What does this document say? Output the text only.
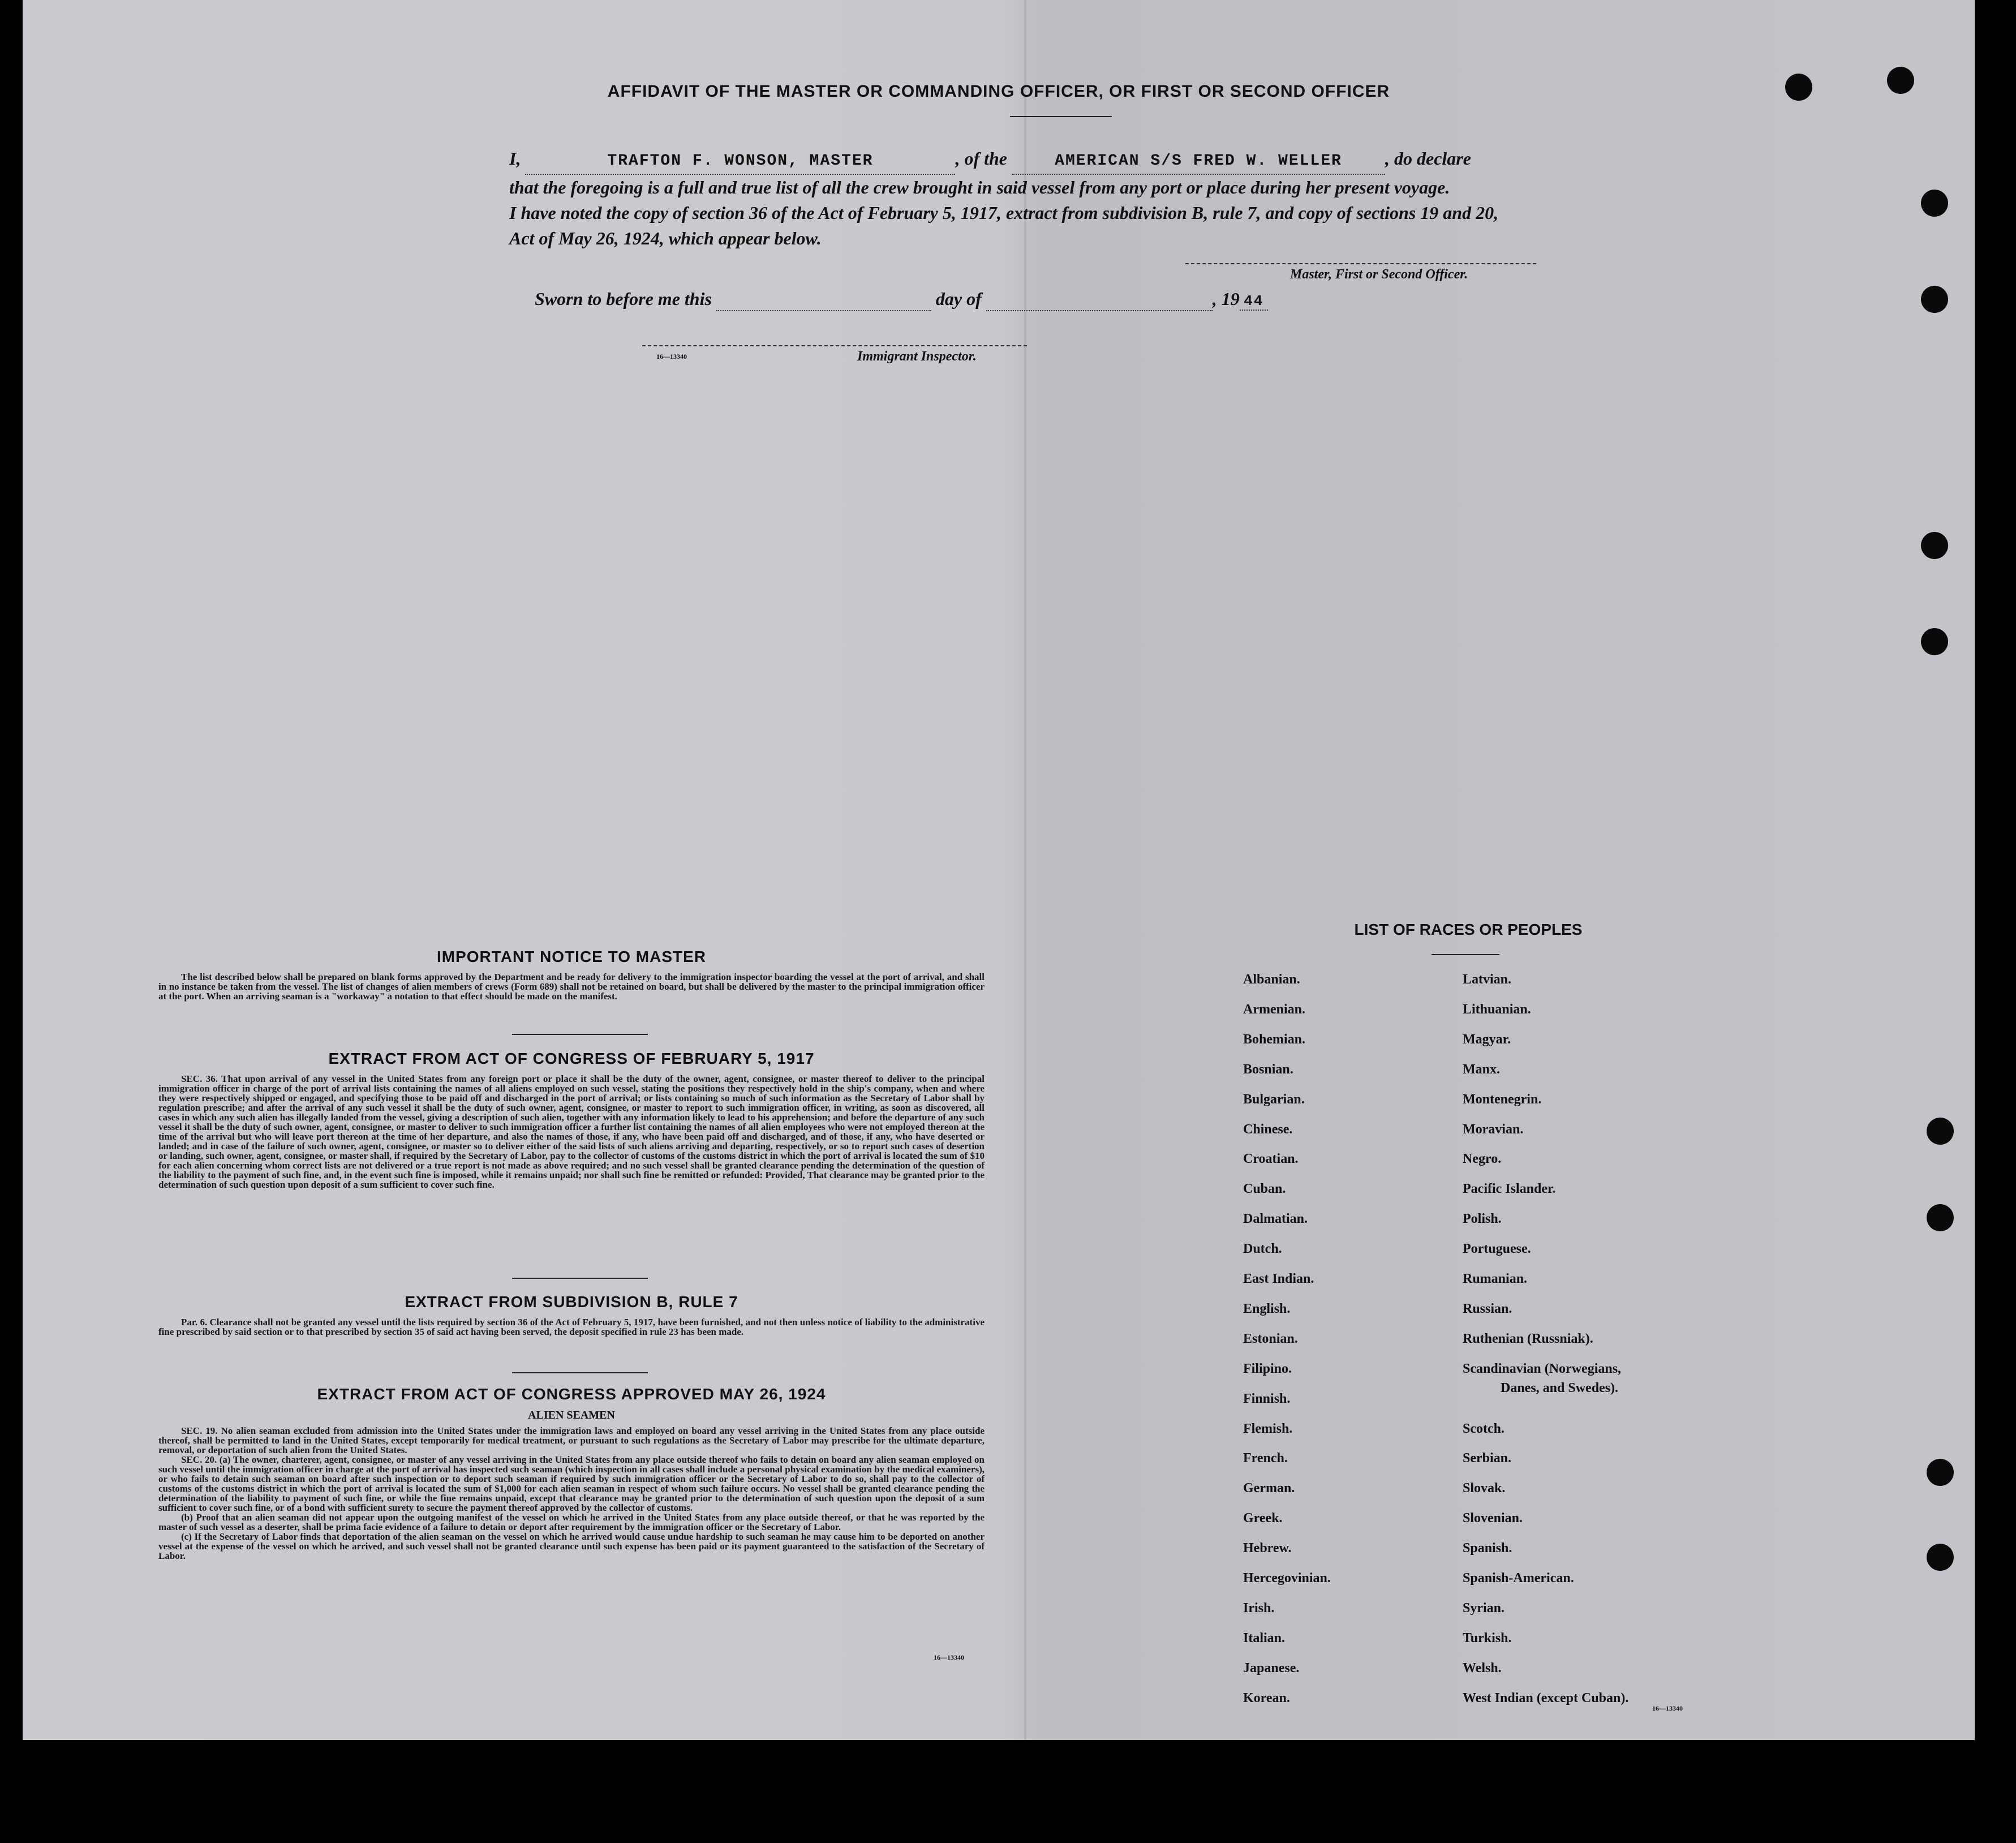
AFFIDAVIT OF THE MASTER OR COMMANDING OFFICER, OR FIRST OR SECOND OFFICER
I,	TRAFTON F. WONSON, MASTER	, of the	AMERICAN S/S FRED W. WELLER , do declare
that the foregoing is a full and true list of all the crew brought in said vessel from any port or place during her present voyage.
I have noted the copy of section 36 of the Act of February 5, 1917, extract from subdivision B, rule 7, and copy of sections 19 and 20,
Act of May 26, 1924, which appear below.
Master, First or Second Officer.
Sworn to before me this	day of	, 19 44
16—13340	Immigrant Inspector.
IMPORTANT NOTICE TO MASTER
The list described below shall be prepared on blank forms approved by the Department and be ready for delivery to the immigration inspector boarding the vessel at the port of arrival, and shall in no instance be taken from the vessel. The list of changes of alien members of crews (Form 689) shall not be retained on board, but shall be delivered by the master to the principal immigration officer at the port. When an arriving seaman is a "workaway" a notation to that effect should be made on the manifest.
EXTRACT FROM ACT OF CONGRESS OF FEBRUARY 5, 1917
SEC. 36. That upon arrival of any vessel in the United States from any foreign port or place it shall be the duty of the owner, agent, consignee, or master thereof to deliver to the principal immigration officer in charge of the port of arrival lists containing the names of all aliens employed on such vessel, stating the positions they respectively hold in the ship's company, when and where they were respectively shipped or engaged, and specifying those to be paid off and discharged in the port of arrival; or lists containing so much of such information as the Secretary of Labor shall by regulation prescribe; and after the arrival of any such vessel it shall be the duty of such owner, agent, consignee, or master to report to such immigration officer, in writing, as soon as discovered, all cases in which any such alien has illegally landed from the vessel, giving a description of such alien, together with any information likely to lead to his apprehension; and before the departure of any such vessel it shall be the duty of such owner, agent, consignee, or master to deliver to such immigration officer a further list containing the names of all alien employees who were not employed thereon at the time of the arrival but who will leave port thereon at the time of her departure, and also the names of those, if any, who have been paid off and discharged, and of those, if any, who have deserted or landed; and in case of the failure of such owner, agent, consignee, or master so to deliver either of the said lists of such aliens arriving and departing, respectively, or so to report such cases of desertion or landing, such owner, agent, consignee, or master shall, if required by the Secretary of Labor, pay to the collector of customs of the customs district in which the port of arrival is located the sum of $10 for each alien concerning whom correct lists are not delivered or a true report is not made as above required; and no such vessel shall be granted clearance pending the determination of the question of the liability to the payment of such fine, and, in the event such fine is imposed, while it remains unpaid; nor shall such fine be remitted or refunded: Provided, That clearance may be granted prior to the determination of such question upon deposit of a sum sufficient to cover such fine.
EXTRACT FROM SUBDIVISION B, RULE 7
Par. 6. Clearance shall not be granted any vessel until the lists required by section 36 of the Act of February 5, 1917, have been furnished, and not then unless notice of liability to the administrative fine prescribed by said section or to that prescribed by section 35 of said act having been served, the deposit specified in rule 23 has been made.
EXTRACT FROM ACT OF CONGRESS APPROVED MAY 26, 1924
ALIEN SEAMEN
SEC. 19. No alien seaman excluded from admission into the United States under the immigration laws and employed on board any vessel arriving in the United States from any place outside thereof, shall be permitted to land in the United States, except temporarily for medical treatment, or pursuant to such regulations as the Secretary of Labor may prescribe for the ultimate departure, removal, or deportation of such alien from the United States.
SEC. 20. (a) The owner, charterer, agent, consignee, or master of any vessel arriving in the United States from any place outside thereof who fails to detain on board any alien seaman employed on such vessel until the immigration officer in charge at the port of arrival has inspected such seaman (which inspection in all cases shall include a personal physical examination by the medical examiners), or who fails to detain such seaman on board after such inspection or to deport such seaman if required by such immigration officer or the Secretary of Labor to do so, shall pay to the collector of customs of the customs district in which the port of arrival is located the sum of $1,000 for each alien seaman in respect of whom such failure occurs. No vessel shall be granted clearance pending the determination of the liability to payment of such fine, or while the fine remains unpaid, except that clearance may be granted prior to the determination of such question upon the deposit of a sum sufficient to cover such fine, or of a bond with sufficient surety to secure the payment thereof approved by the collector of customs.
(b) Proof that an alien seaman did not appear upon the outgoing manifest of the vessel on which he arrived in the United States from any place outside thereof, or that he was reported by the master of such vessel as a deserter, shall be prima facie evidence of a failure to detain or deport after requirement by the immigration officer or the Secretary of Labor.
(c) If the Secretary of Labor finds that deportation of the alien seaman on the vessel on which he arrived would cause undue hardship to such seaman he may cause him to be deported on another vessel at the expense of the vessel on which he arrived, and such vessel shall not be granted clearance until such expense has been paid or its payment guaranteed to the satisfaction of the Secretary of Labor.
16—13340
LIST OF RACES OR PEOPLES
Albanian.
Armenian.
Bohemian.
Bosnian.
Bulgarian.
Chinese.
Croatian.
Cuban.
Dalmatian.
Dutch.
East Indian.
English.
Estonian.
Filipino.
Finnish.
Flemish.
French.
German.
Greek.
Hebrew.
Hercegovinian.
Irish.
Italian.
Japanese.
Korean.
Latvian.
Lithuanian.
Magyar.
Manx.
Montenegrin.
Moravian.
Negro.
Pacific Islander.
Polish.
Portuguese.
Rumanian.
Russian.
Ruthenian (Russniak).
Scandinavian (Norwegians,
Danes, and Swedes).
Scotch.
Serbian.
Slovak.
Slovenian.
Spanish.
Spanish-American.
Syrian.
Turkish.
Welsh.
West Indian (except Cuban).
16—13340
